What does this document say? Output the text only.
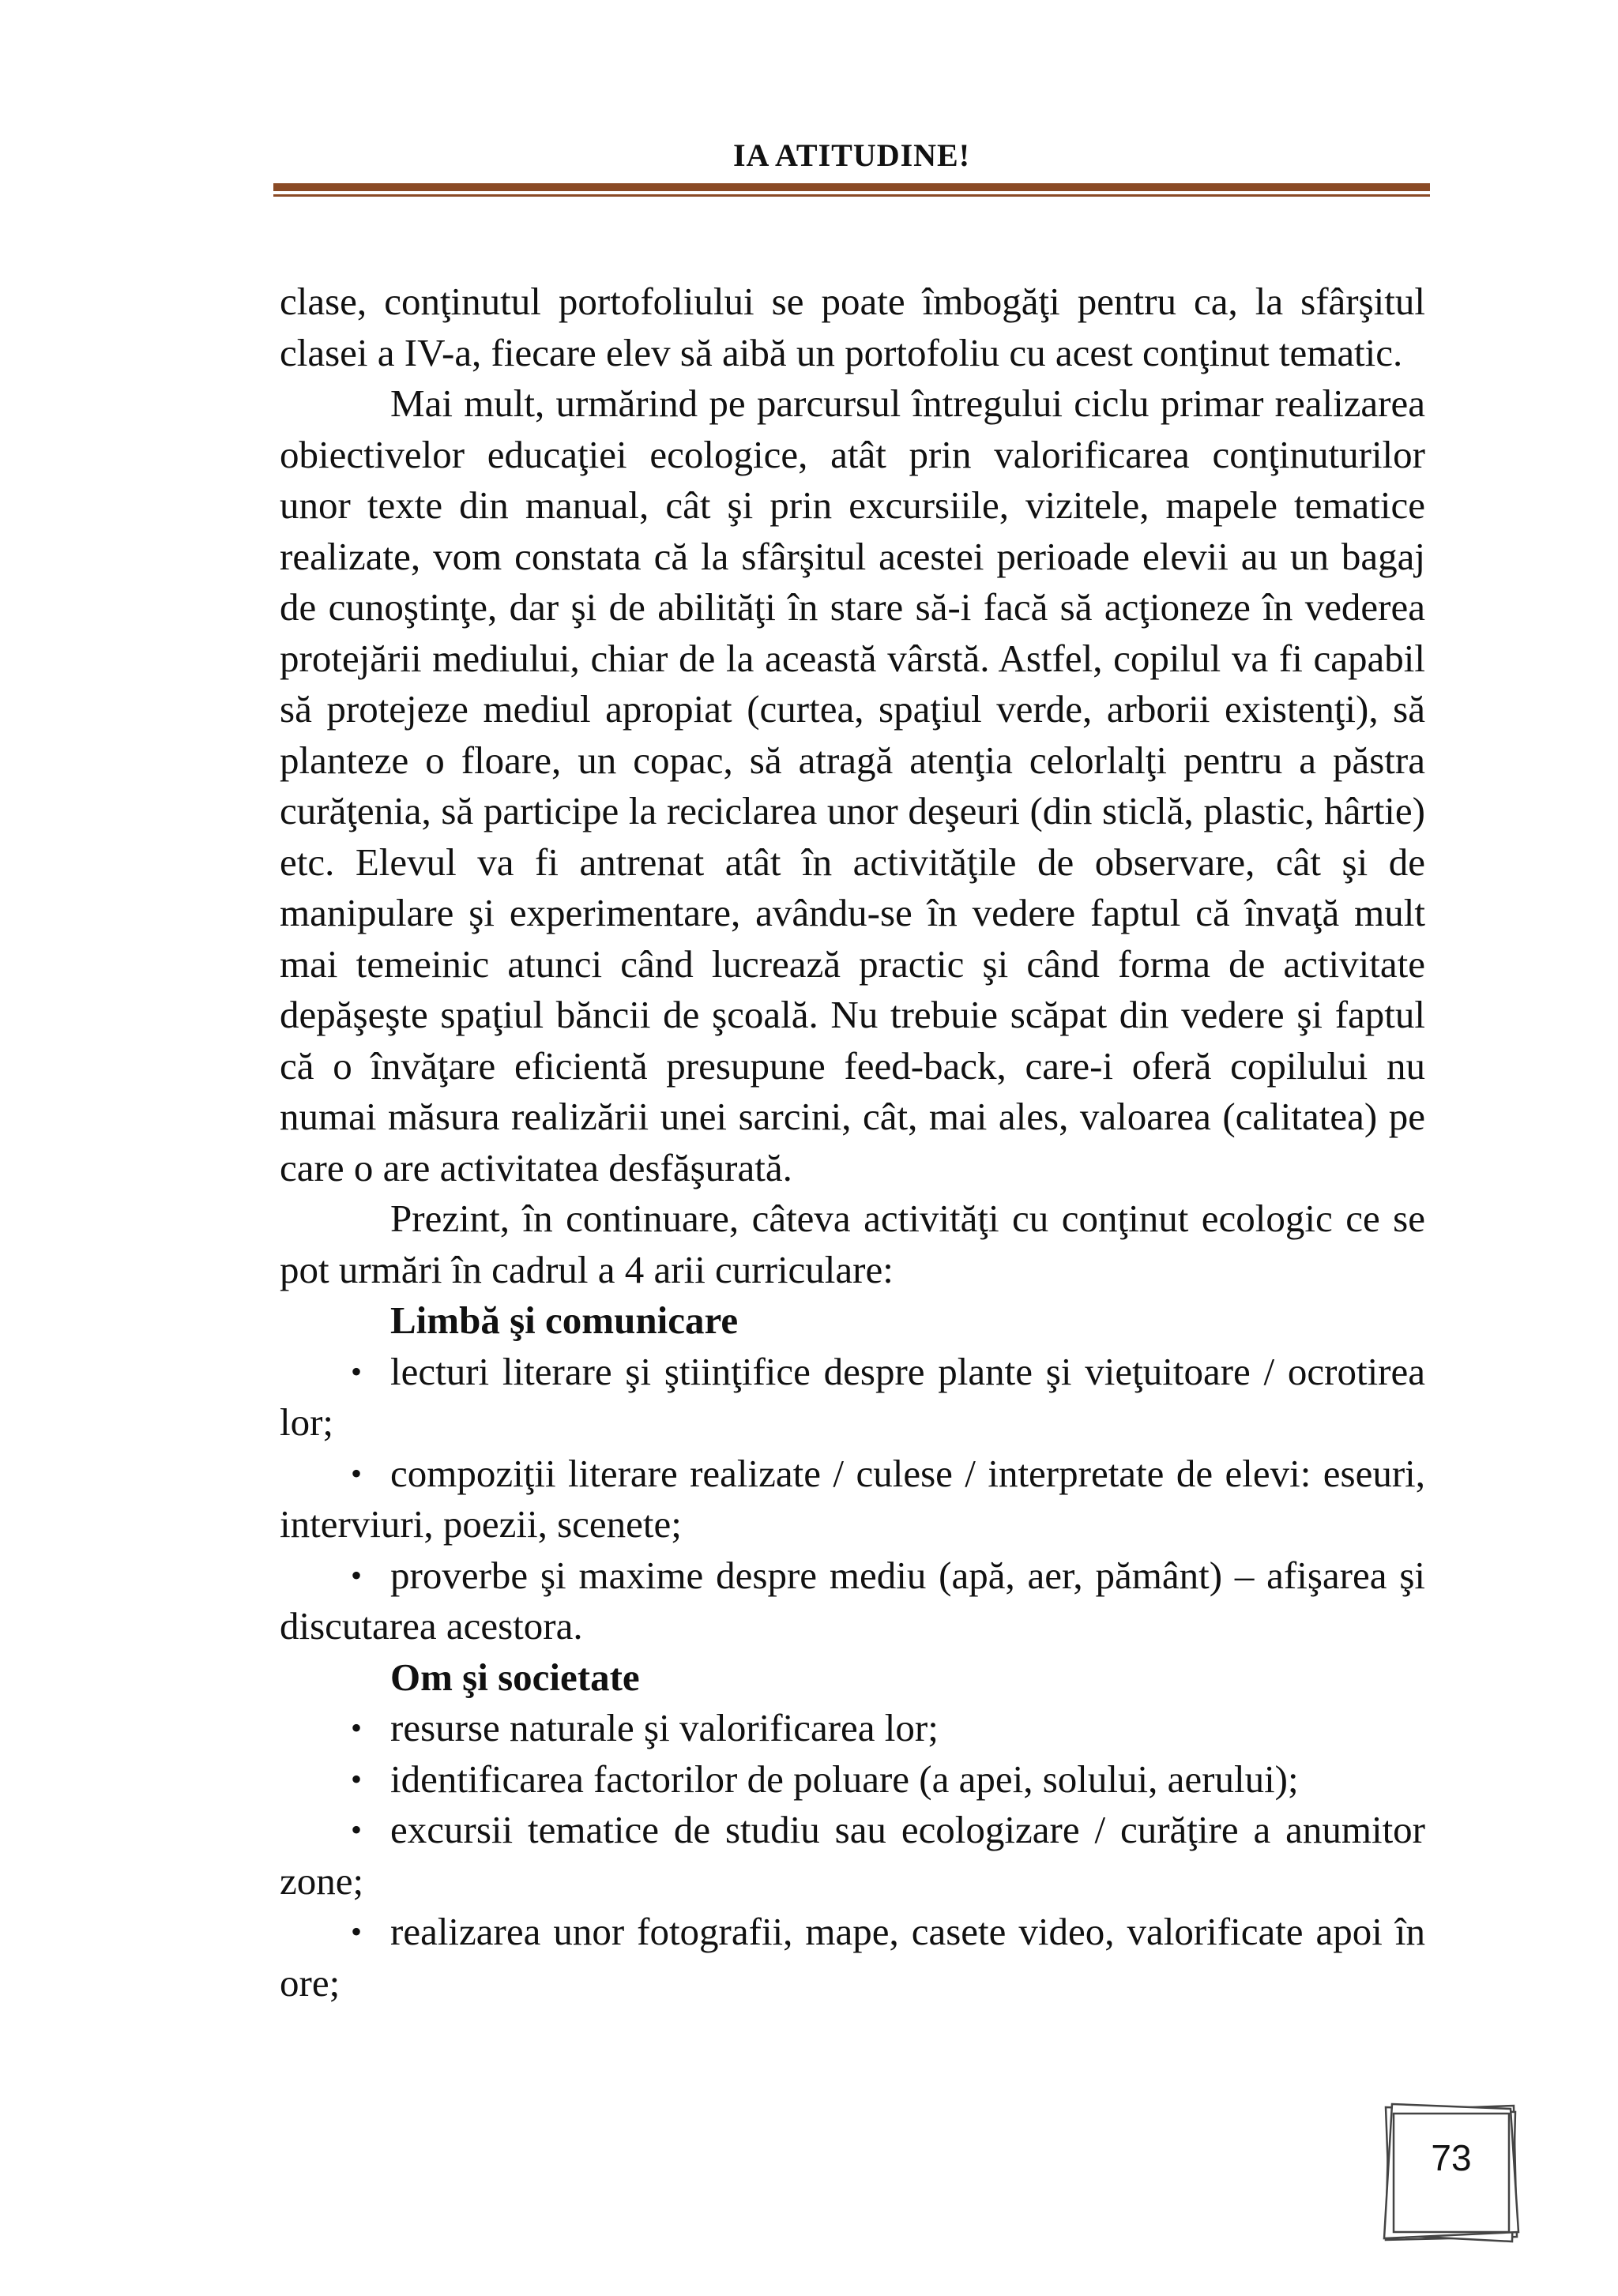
IA ATITUDINE!

clase, conţinutul portofoliului se poate îmbogăţi pentru ca, la sfârşitul clasei a IV-a, fiecare elev să aibă un portofoliu cu acest conţinut tematic.

Mai mult, urmărind pe parcursul întregului ciclu primar realizarea obiectivelor educaţiei ecologice, atât prin valorificarea conţinuturilor unor texte din manual, cât şi prin excursiile, vizitele, mapele tematice realizate, vom constata că la sfârşitul acestei perioade elevii au un bagaj de cunoştinţe, dar şi de abilităţi în stare să-i facă să acţioneze în vederea protejării mediului, chiar de la această vârstă. Astfel, copilul va fi capabil să protejeze mediul apropiat (curtea, spaţiul verde, arborii existenţi), să planteze o floare, un copac, să atragă atenţia celorlalţi pentru a păstra curăţenia, să participe la reciclarea unor deşeuri (din sticlă, plastic, hârtie) etc. Elevul va fi antrenat atât în activităţile de observare, cât şi de manipulare şi experimentare, avându-se în vedere faptul că învaţă mult mai temeinic atunci când lucrează practic şi când forma de activitate depăşeşte spaţiul băncii de şcoală. Nu trebuie scăpat din vedere şi faptul că o învăţare eficientă presupune feed-back, care-i oferă copilului nu numai măsura realizării unei sarcini, cât, mai ales, valoarea (calitatea) pe care o are activitatea desfăşurată.

Prezint, în continuare, câteva activităţi cu conţinut ecologic ce se pot urmări în cadrul a 4 arii curriculare:

Limbă şi comunicare

• lecturi literare şi ştiinţifice despre plante şi vieţuitoare / ocrotirea lor;

• compoziţii literare realizate / culese / interpretate de elevi: eseuri, interviuri, poezii, scenete;

• proverbe şi maxime despre mediu (apă, aer, pământ) – afişarea şi discutarea acestora.

Om şi societate

• resurse naturale şi valorificarea lor;

• identificarea factorilor de poluare (a apei, solului, aerului);

• excursii tematice de studiu sau ecologizare / curăţire a anumitor zone;

• realizarea unor fotografii, mape, casete video, valorificate apoi în ore;

73
